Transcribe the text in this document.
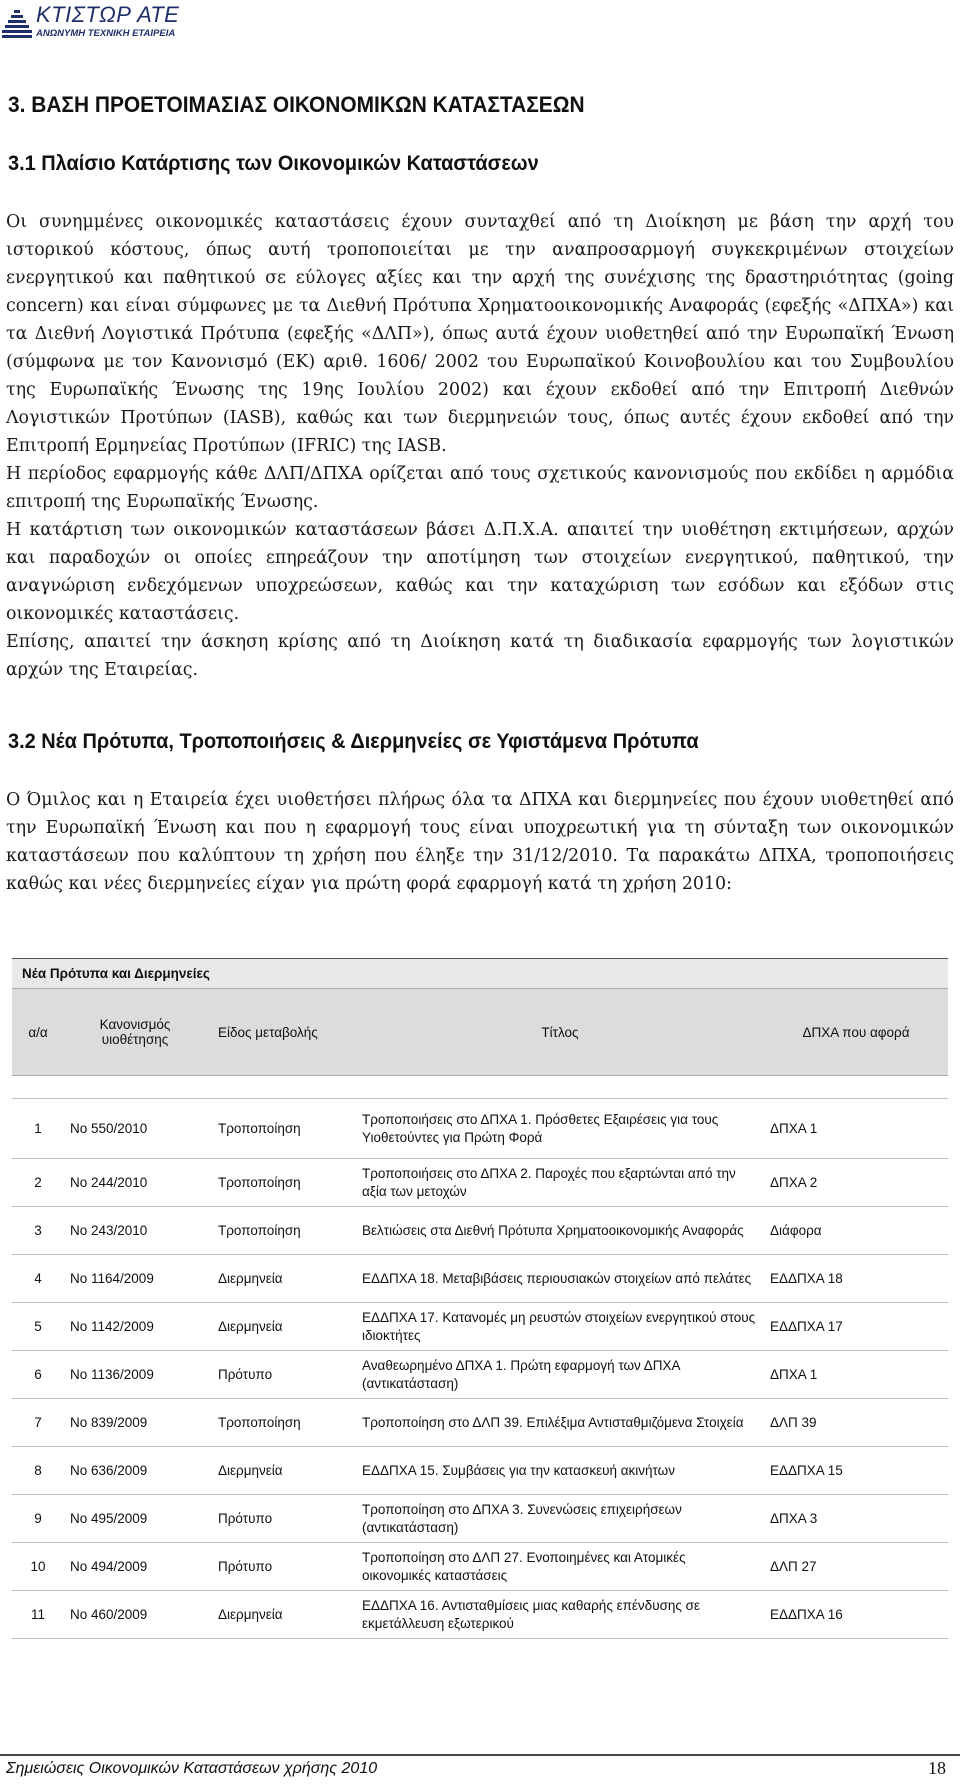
ΚΤΙΣΤΩΡ ΑΤΕ
ΑΝΩΝΥΜΗ ΤΕΧΝΙΚΗ ΕΤΑΙΡΕΙΑ
3. ΒΑΣΗ ΠΡΟΕΤΟΙΜΑΣΙΑΣ ΟΙΚΟΝΟΜΙΚΩΝ ΚΑΤΑΣΤΑΣΕΩΝ
3.1 Πλαίσιο Κατάρτισης των Οικονομικών Καταστάσεων

Οι συνημμένες οικονομικές καταστάσεις έχουν συνταχθεί από τη Διοίκηση με βάση την αρχή του ιστορικού κόστους, όπως αυτή τροποποιείται με την αναπροσαρμογή συγκεκριμένων στοιχείων ενεργητικού και παθητικού σε εύλογες αξίες και την αρχή της συνέχισης της δραστηριότητας (going concern) και είναι σύμφωνες με τα Διεθνή Πρότυπα Χρηματοοικονομικής Αναφοράς (εφεξής «ΔΠΧΑ») και τα Διεθνή Λογιστικά Πρότυπα (εφεξής «ΔΛΠ»), όπως αυτά έχουν υιοθετηθεί από την Ευρωπαϊκή Ένωση (σύμφωνα με τον Κανονισμό (ΕΚ) αριθ. 1606/ 2002 του Ευρωπαϊκού Κοινοβουλίου και του Συμβουλίου της Ευρωπαϊκής Ένωσης της 19ης Ιουλίου 2002) και έχουν εκδοθεί από την Επιτροπή Διεθνών Λογιστικών Προτύπων (IASB), καθώς και των διερμηνειών τους, όπως αυτές έχουν εκδοθεί από την Επιτροπή Ερμηνείας Προτύπων (IFRIC) της IASB.

Η περίοδος εφαρμογής κάθε ΔΛΠ/ΔΠΧΑ ορίζεται από τους σχετικούς κανονισμούς που εκδίδει η αρμόδια επιτροπή της Ευρωπαϊκής Ένωσης.

Η κατάρτιση των οικονομικών καταστάσεων βάσει Δ.Π.Χ.Α. απαιτεί την υιοθέτηση εκτιμήσεων, αρχών και παραδοχών οι οποίες επηρεάζουν την αποτίμηση των στοιχείων ενεργητικού, παθητικού, την αναγνώριση ενδεχόμενων υποχρεώσεων, καθώς και την καταχώριση των εσόδων και εξόδων στις οικονομικές καταστάσεις.

Επίσης, απαιτεί την άσκηση κρίσης από τη Διοίκηση κατά τη διαδικασία εφαρμογής των λογιστικών αρχών της Εταιρείας.

3.2 Νέα Πρότυπα, Τροποποιήσεις & Διερμηνείες σε Υφιστάμενα Πρότυπα

Ο Όμιλος και η Εταιρεία έχει υιοθετήσει πλήρως όλα τα ΔΠΧΑ και διερμηνείες που έχουν υιοθετηθεί από την Ευρωπαϊκή Ένωση και που η εφαρμογή τους είναι υποχρεωτική για τη σύνταξη των οικονομικών καταστάσεων που καλύπτουν τη χρήση που έληξε την 31/12/2010. Τα παρακάτω ΔΠΧΑ, τροποποιήσεις καθώς και νέες διερμηνείες είχαν για πρώτη φορά εφαρμογή κατά τη χρήση 2010:

Νέα Πρότυπα και Διερμηνείες				
α/α	Κανονισμός υιοθέτησης	Είδος μεταβολής	Τίτλος	ΔΠΧΑ που αφορά

1	Νο 550/2010	Τροποποίηση	Τροποποιήσεις στο ΔΠΧΑ 1. Πρόσθετες Εξαιρέσεις για τους Υιοθετούντες για Πρώτη Φορά	ΔΠΧΑ 1
2	Νο 244/2010	Τροποποίηση	Τροποποιήσεις στο ΔΠΧΑ 2. Παροχές που εξαρτώνται από την αξία των μετοχών	ΔΠΧΑ 2
3	Νο 243/2010	Τροποποίηση	Βελτιώσεις στα Διεθνή Πρότυπα Χρηματοοικονομικής Αναφοράς	Διάφορα
4	Νο 1164/2009	Διερμηνεία	ΕΔΔΠΧΑ 18. Μεταβιβάσεις περιουσιακών στοιχείων από πελάτες	ΕΔΔΠΧΑ 18
5	Νο 1142/2009	Διερμηνεία	ΕΔΔΠΧΑ 17. Κατανομές μη ρευστών στοιχείων ενεργητικού στους ιδιοκτήτες	ΕΔΔΠΧΑ 17
6	Νο 1136/2009	Πρότυπο	Αναθεωρημένο ΔΠΧΑ 1. Πρώτη εφαρμογή των ΔΠΧΑ (αντικατάσταση)	ΔΠΧΑ 1
7	Νο 839/2009	Τροποποίηση	Τροποποίηση στο ΔΛΠ 39. Επιλέξιμα Αντισταθμιζόμενα Στοιχεία	ΔΛΠ 39
8	Νο 636/2009	Διερμηνεία	ΕΔΔΠΧΑ 15. Συμβάσεις για την κατασκευή ακινήτων	ΕΔΔΠΧΑ 15
9	Νο 495/2009	Πρότυπο	Τροποποίηση στο ΔΠΧΑ 3. Συνενώσεις επιχειρήσεων (αντικατάσταση)	ΔΠΧΑ 3
10	Νο 494/2009	Πρότυπο	Τροποποίηση στο ΔΛΠ 27. Ενοποιημένες και Ατομικές οικονομικές καταστάσεις	ΔΛΠ 27
11	Νο 460/2009	Διερμηνεία	ΕΔΔΠΧΑ 16. Αντισταθμίσεις μιας καθαρής επένδυσης σε εκμετάλλευση εξωτερικού	ΕΔΔΠΧΑ 16
Σημειώσεις Οικονομικών Καταστάσεων χρήσης 2010	18
